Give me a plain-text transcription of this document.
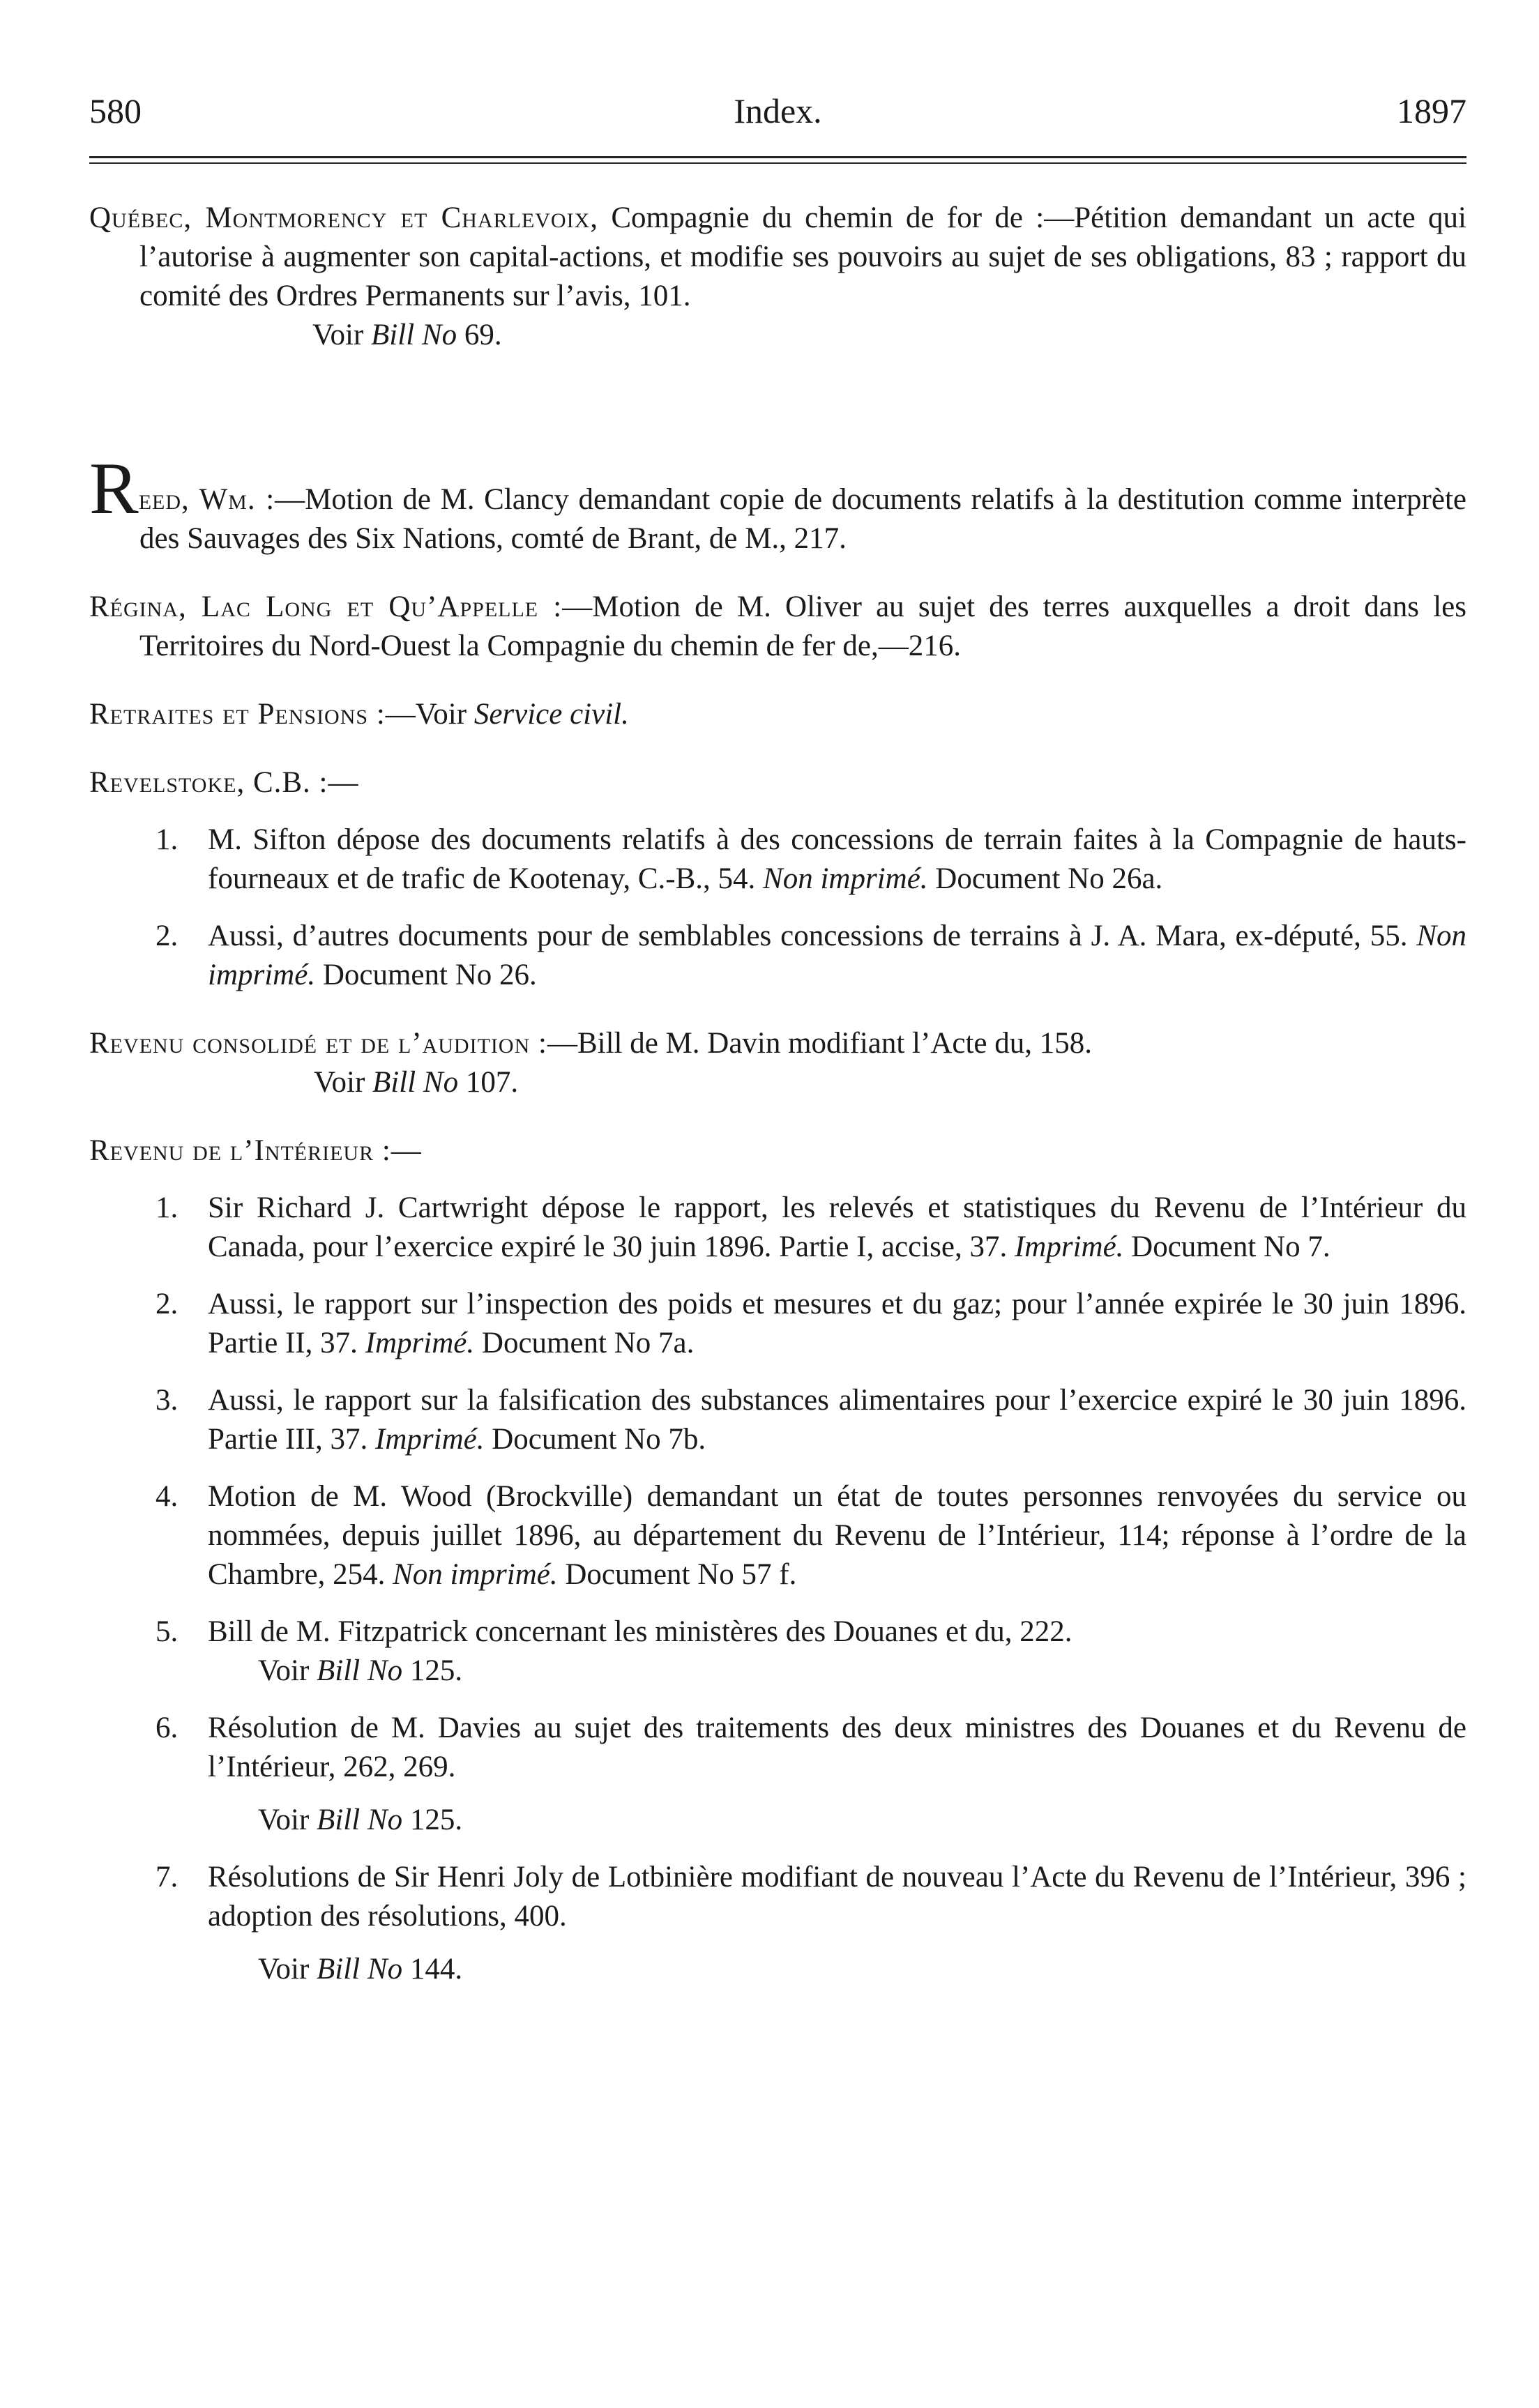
580	Index.	1897

Québec, Montmorency et Charlevoix, Compagnie du chemin de for de :—Pétition demandant un acte qui l’autorise à augmenter son capital-actions, et modifie ses pouvoirs au sujet de ses obligations, 83 ; rapport du comité des Ordres Permanents sur l’avis, 101.

Voir Bill No 69.

Reed, Wm. :—Motion de M. Clancy demandant copie de documents relatifs à la destitution comme interprète des Sauvages des Six Nations, comté de Brant, de M., 217.

Régina, Lac Long et Qu’Appelle :—Motion de M. Oliver au sujet des terres auxquelles a droit dans les Territoires du Nord-Ouest la Compagnie du chemin de fer de,—216.

Retraites et Pensions :—Voir Service civil.

Revelstoke, C.B. :—

1. M. Sifton dépose des documents relatifs à des concessions de terrain faites à la Compagnie de hauts-fourneaux et de trafic de Kootenay, C.-B., 54. Non imprimé. Document No 26a.
2. Aussi, d’autres documents pour de semblables concessions de terrains à J. A. Mara, ex-député, 55. Non imprimé. Document No 26.

Revenu consolidé et de l’audition :—Bill de M. Davin modifiant l’Acte du, 158.

Voir Bill No 107.

Revenu de l’Intérieur :—

1. Sir Richard J. Cartwright dépose le rapport, les relevés et statistiques du Revenu de l’Intérieur du Canada, pour l’exercice expiré le 30 juin 1896. Partie I, accise, 37. Imprimé. Document No 7.
2. Aussi, le rapport sur l’inspection des poids et mesures et du gaz; pour l’année expirée le 30 juin 1896. Partie II, 37. Imprimé. Document No 7a.
3. Aussi, le rapport sur la falsification des substances alimentaires pour l’exercice expiré le 30 juin 1896. Partie III, 37. Imprimé. Document No 7b.
4. Motion de M. Wood (Brockville) demandant un état de toutes personnes renvoyées du service ou nommées, depuis juillet 1896, au département du Revenu de l’Intérieur, 114; réponse à l’ordre de la Chambre, 254. Non imprimé. Document No 57 f.
5. Bill de M. Fitzpatrick concernant les ministères des Douanes et du, 222.
Voir Bill No 125.
6. Résolution de M. Davies au sujet des traitements des deux ministres des Douanes et du Revenu de l’Intérieur, 262, 269.
Voir Bill No 125.
7. Résolutions de Sir Henri Joly de Lotbinière modifiant de nouveau l’Acte du Revenu de l’Intérieur, 396 ; adoption des résolutions, 400.
Voir Bill No 144.
